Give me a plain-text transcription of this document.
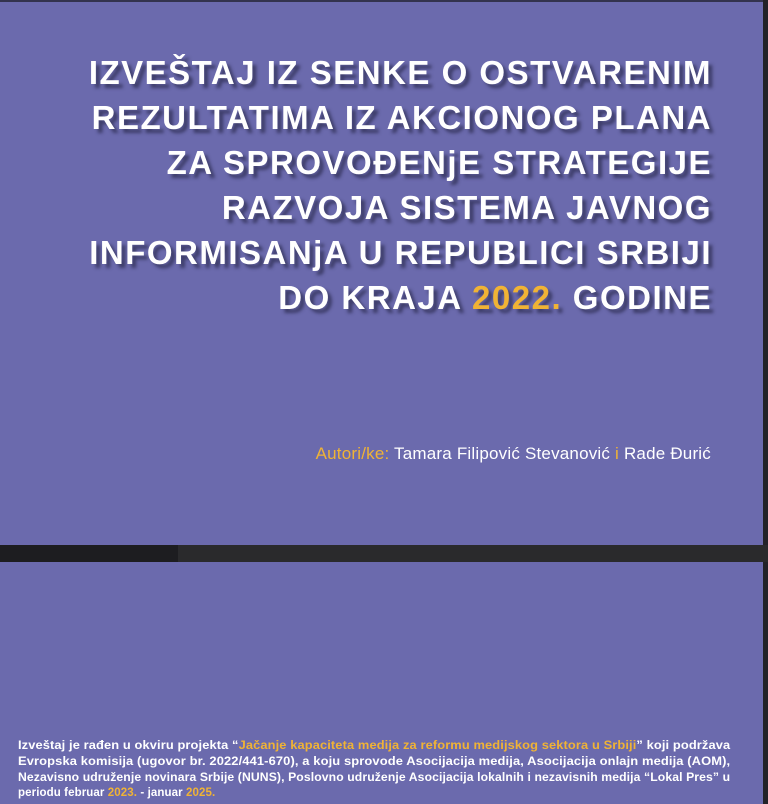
IZVEŠTAJ IZ SENKE O OSTVARENIM
REZULTATIMA IZ AKCIONOG PLANA
ZA SPROVOĐENjE STRATEGIJE
RAZVOJA SISTEMA JAVNOG
INFORMISANjA U REPUBLICI SRBIJI
DO KRAJA 2022. GODINE
Autori/ke: Tamara Filipović Stevanović i Rade Đurić
Izveštaj je rađen u okviru projekta “Jačanje kapaciteta medija za reformu medijskog sektora u Srbiji” koji podržava
Evropska komisija (ugovor br. 2022/441-670), a koju sprovode Asocijacija medija, Asocijacija onlajn medija (AOM),
Nezavisno udruženje novinara Srbije (NUNS), Poslovno udruženje Asocijacija lokalnih i nezavisnih medija “Lokal Pres” u
periodu februar 2023. - januar 2025.
